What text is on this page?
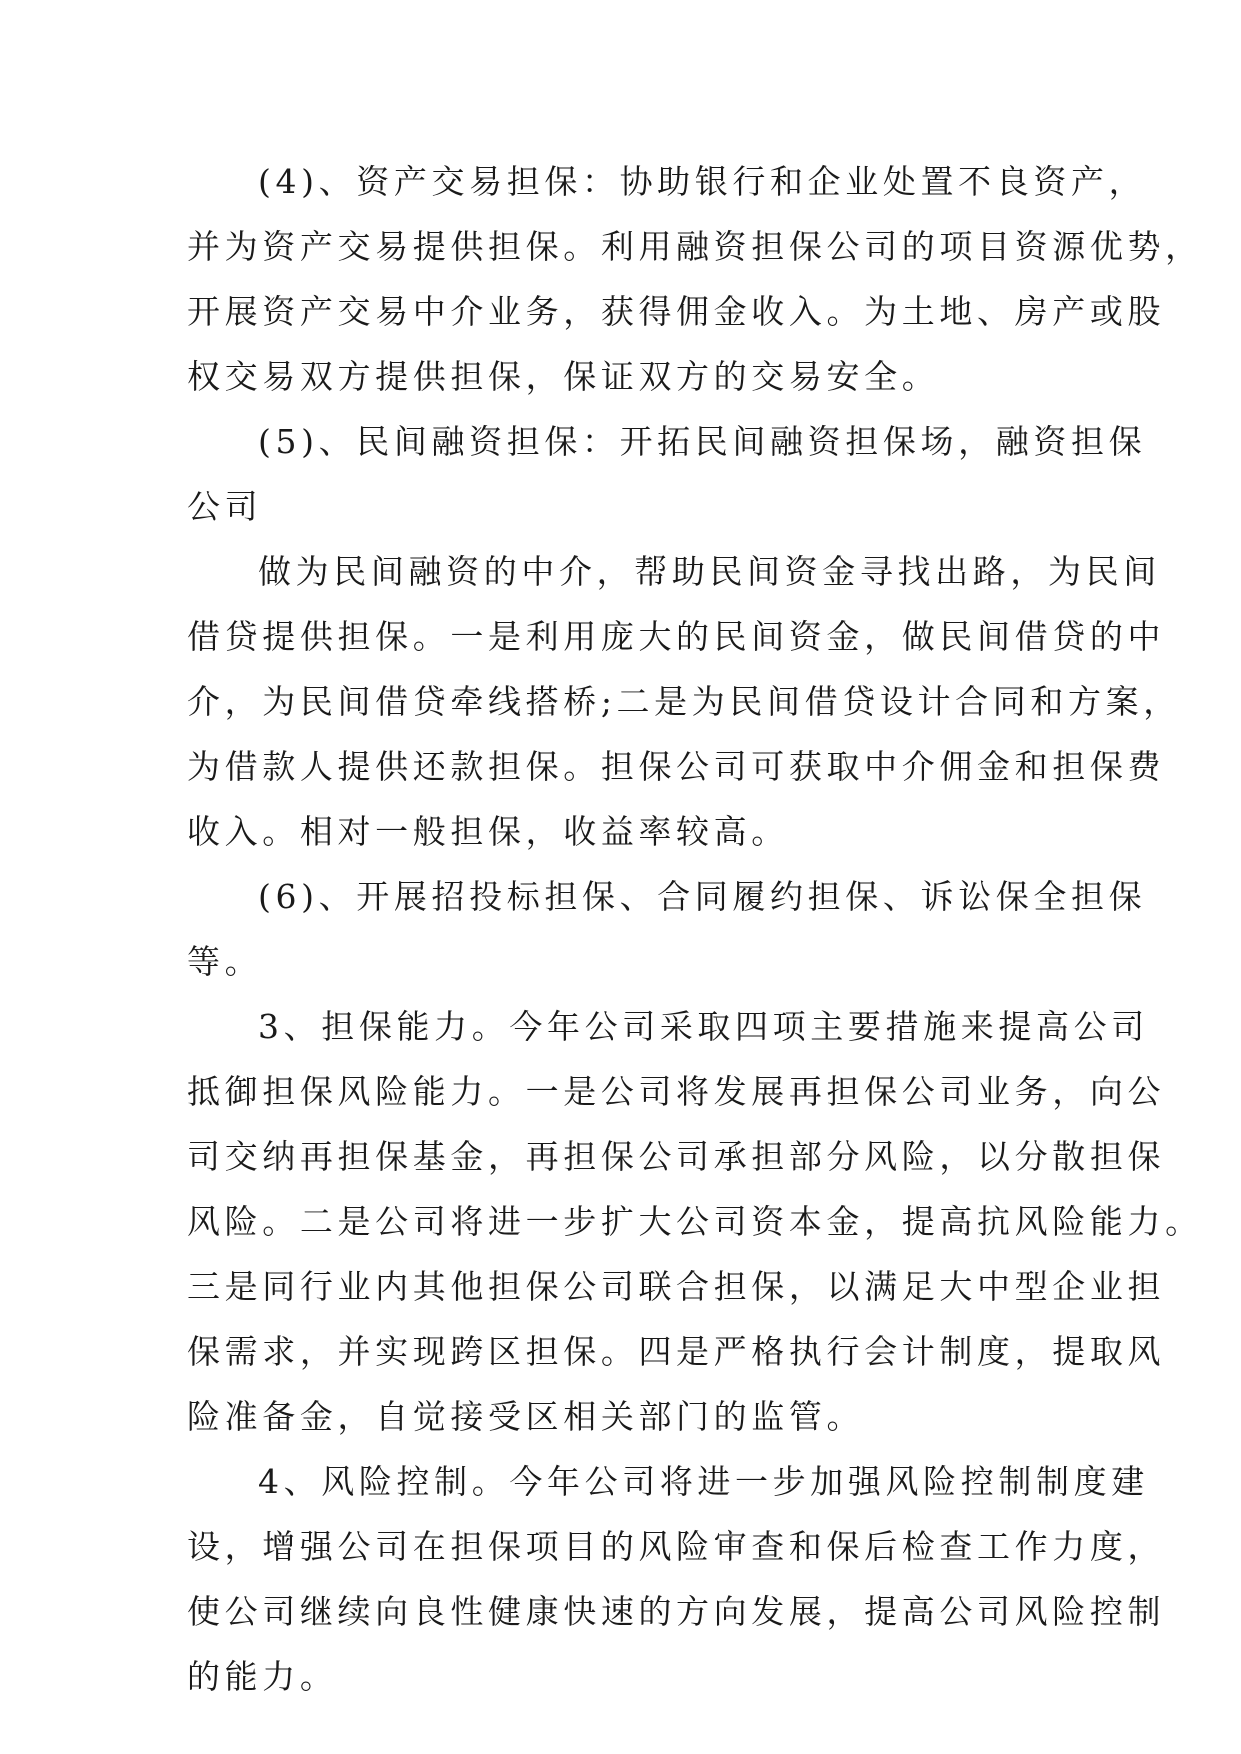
(4)、资产交易担保：协助银行和企业处置不良资产，

并为资产交易提供担保。利用融资担保公司的项目资源优势，

开展资产交易中介业务，获得佣金收入。为土地、房产或股

权交易双方提供担保，保证双方的交易安全。

(5)、民间融资担保：开拓民间融资担保场，融资担保

公司

做为民间融资的中介，帮助民间资金寻找出路，为民间

借贷提供担保。一是利用庞大的民间资金，做民间借贷的中

介，为民间借贷牵线搭桥;二是为民间借贷设计合同和方案，

为借款人提供还款担保。担保公司可获取中介佣金和担保费

收入。相对一般担保，收益率较高。

(6)、开展招投标担保、合同履约担保、诉讼保全担保

等。

3、担保能力。今年公司采取四项主要措施来提高公司

抵御担保风险能力。一是公司将发展再担保公司业务，向公

司交纳再担保基金，再担保公司承担部分风险，以分散担保

风险。二是公司将进一步扩大公司资本金，提高抗风险能力。

三是同行业内其他担保公司联合担保，以满足大中型企业担

保需求，并实现跨区担保。四是严格执行会计制度，提取风

险准备金，自觉接受区相关部门的监管。

4、风险控制。今年公司将进一步加强风险控制制度建

设，增强公司在担保项目的风险审查和保后检查工作力度，

使公司继续向良性健康快速的方向发展，提高公司风险控制

的能力。
